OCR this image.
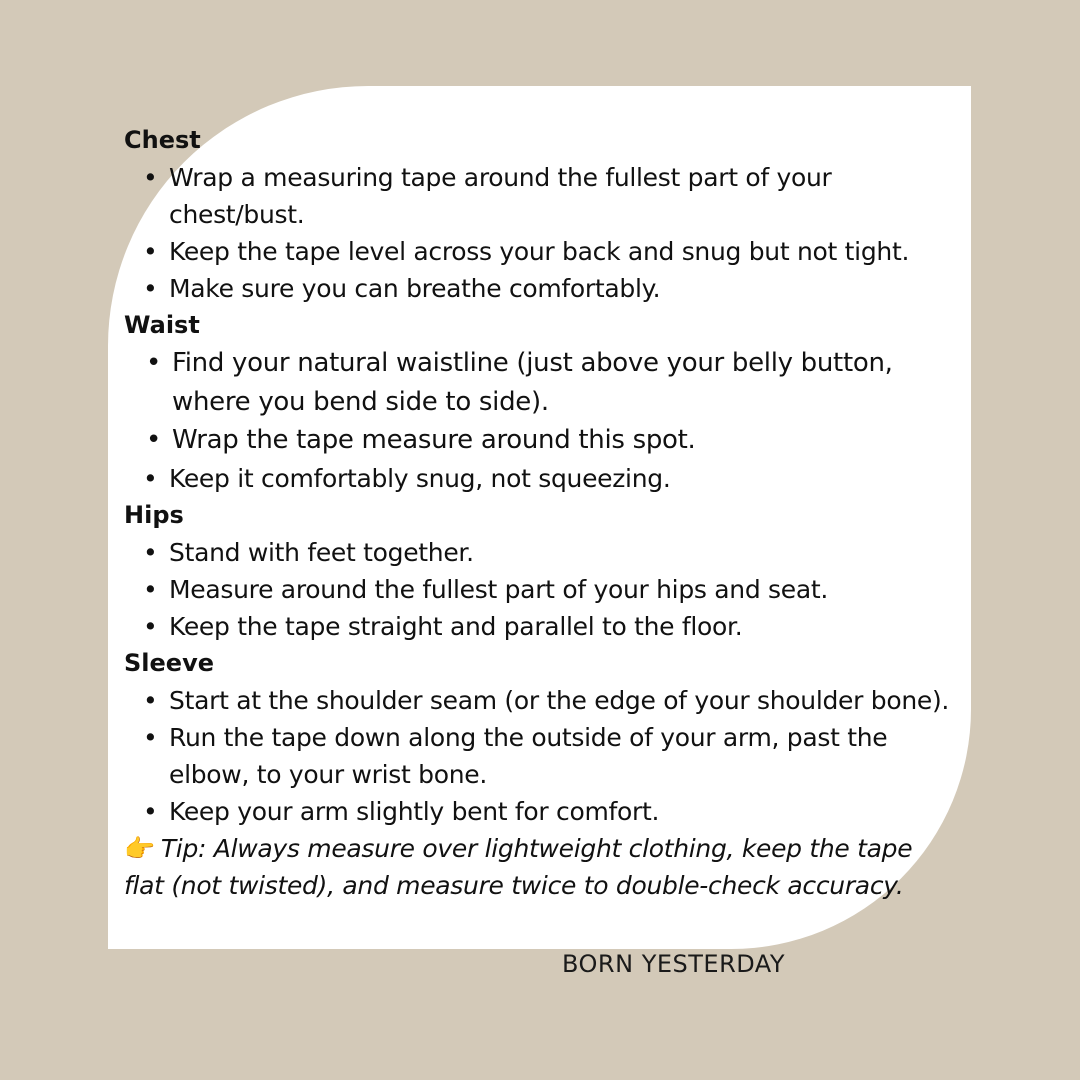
Chest
• Wrap a measuring tape around the fullest part of your chest/bust.
• Keep the tape level across your back and snug but not tight.
• Make sure you can breathe comfortably.
Waist
• Find your natural waistline (just above your belly button, where you bend side to side).
• Wrap the tape measure around this spot.
• Keep it comfortably snug, not squeezing.
Hips
• Stand with feet together.
• Measure around the fullest part of your hips and seat.
• Keep the tape straight and parallel to the floor.
Sleeve
• Start at the shoulder seam (or the edge of your shoulder bone).
• Run the tape down along the outside of your arm, past the elbow, to your wrist bone.
• Keep your arm slightly bent for comfort.

👉 Tip: Always measure over lightweight clothing, keep the tape flat (not twisted), and measure twice to double-check accuracy.

BORN YESTERDAY
